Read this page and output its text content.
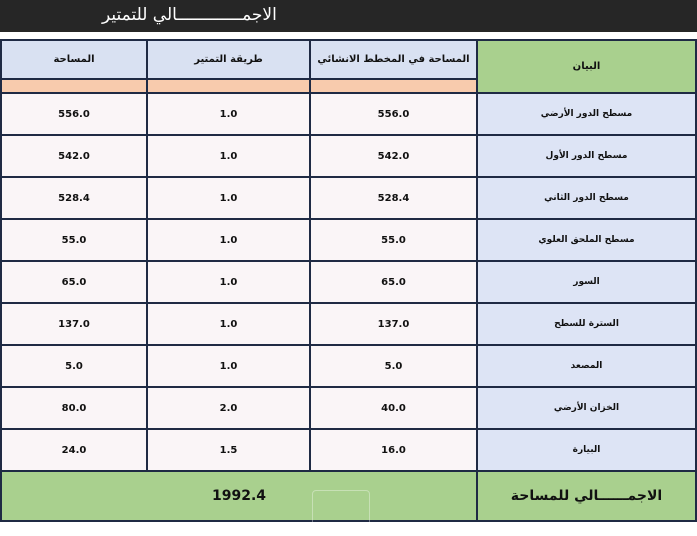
الاجمـــــــــــــالي للتمتير
المساحة	طريقة التمتير	المساحة في المخطط الانشائي	البيان

556.0	1.0	556.0	مسطح الدور الأرضي
542.0	1.0	542.0	مسطح الدور الأول
528.4	1.0	528.4	مسطح الدور الثاني
55.0	1.0	55.0	مسطح الملحق العلوي
65.0	1.0	65.0	السور
137.0	1.0	137.0	السترة للسطح
5.0	1.0	5.0	المصعد
80.0	2.0	40.0	الخزان الأرضي
24.0	1.5	16.0	البيارة
1992.4			الاجمــــــالي للمساحة
